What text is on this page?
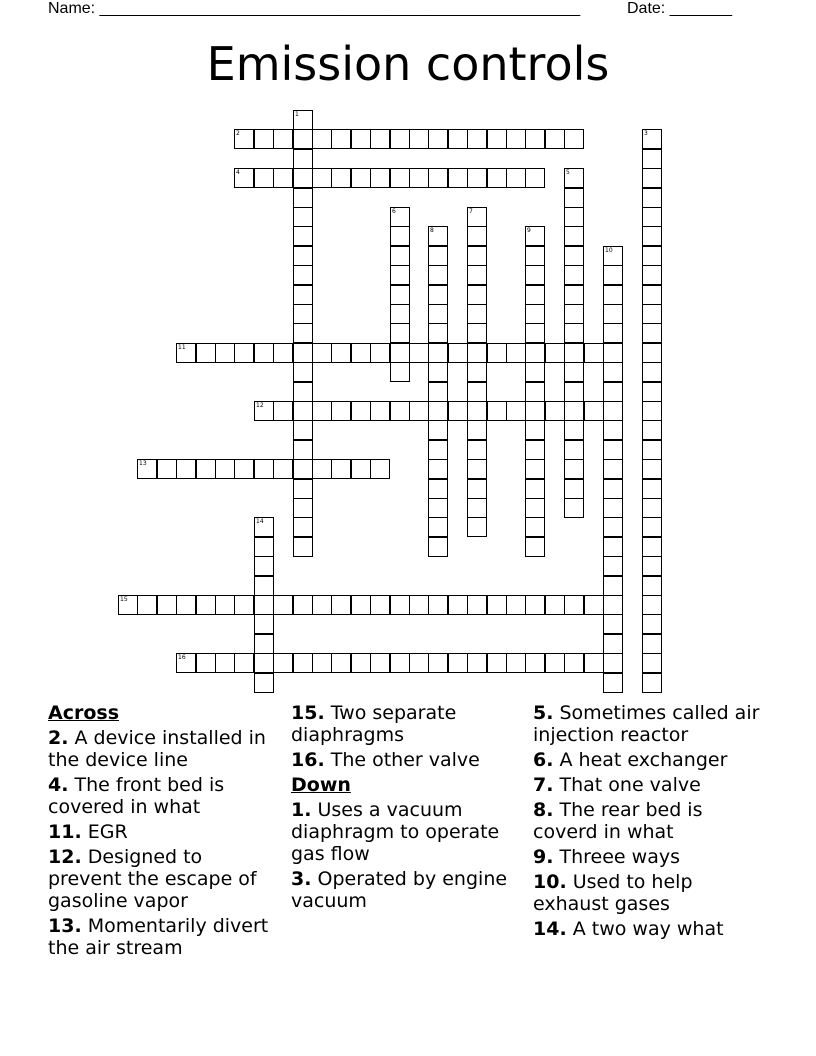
Name: ______________________________________________________	Date: _______
Emission controls
1
2	3
4	5
6	7
8	9
10
11
12
13
14
15
16
Across
2. A device installed in the device line
4. The front bed is covered in what
11. EGR
12. Designed to prevent the escape of gasoline vapor
13. Momentarily divert the air stream
15. Two separate diaphragms
16. The other valve
Down
1. Uses a vacuum diaphragm to operate gas flow
3. Operated by engine vacuum
5. Sometimes called air injection reactor
6. A heat exchanger
7. That one valve
8. The rear bed is coverd in what
9. Threee ways
10. Used to help exhaust gases
14. A two way what
